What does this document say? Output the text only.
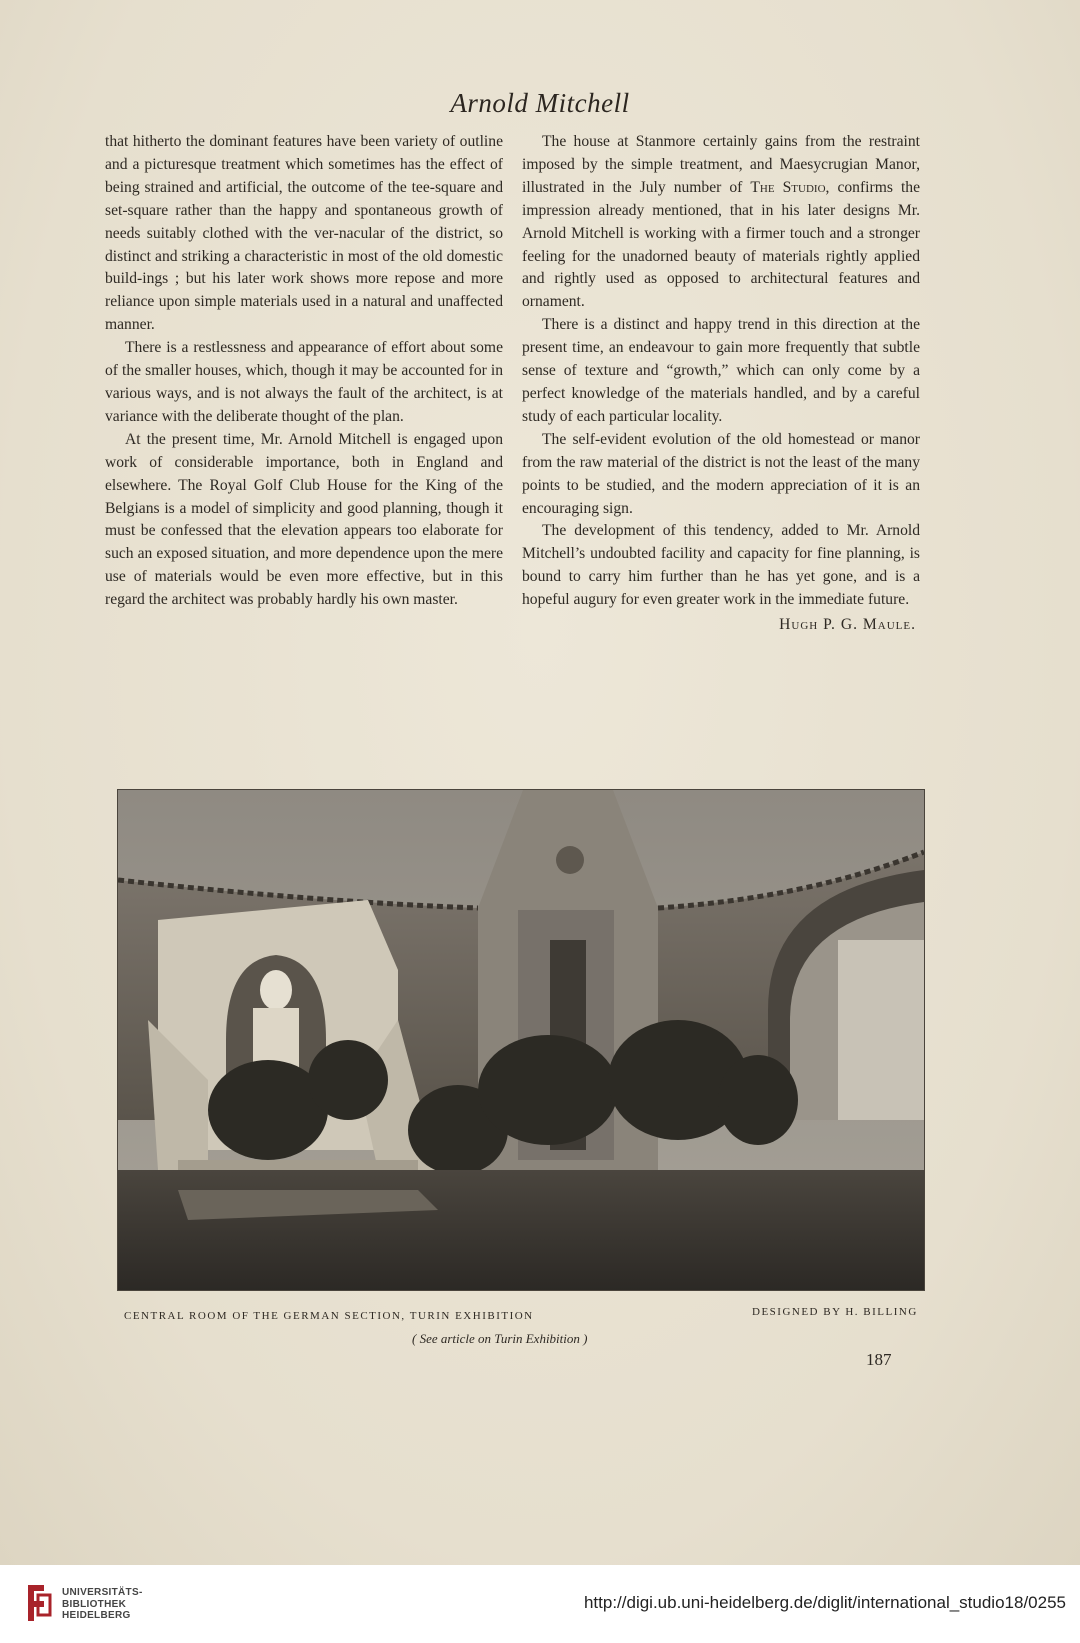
Arnold Mitchell

that hitherto the dominant features have been variety of outline and a picturesque treatment which sometimes has the effect of being strained and artificial, the outcome of the tee-square and set-square rather than the happy and spontaneous growth of needs suitably clothed with the ver-nacular of the district, so distinct and striking a characteristic in most of the old domestic build-ings ; but his later work shows more repose and more reliance upon simple materials used in a natural and unaffected manner.

There is a restlessness and appearance of effort about some of the smaller houses, which, though it may be accounted for in various ways, and is not always the fault of the architect, is at variance with the deliberate thought of the plan.

At the present time, Mr. Arnold Mitchell is engaged upon work of considerable importance, both in England and elsewhere. The Royal Golf Club House for the King of the Belgians is a model of simplicity and good planning, though it must be confessed that the elevation appears too elaborate for such an exposed situation, and more dependence upon the mere use of materials would be even more effective, but in this regard the architect was probably hardly his own master.

The house at Stanmore certainly gains from the restraint imposed by the simple treatment, and Maesycrugian Manor, illustrated in the July number of The Studio, confirms the impression already mentioned, that in his later designs Mr. Arnold Mitchell is working with a firmer touch and a stronger feeling for the unadorned beauty of materials rightly applied and rightly used as opposed to architectural features and ornament.

There is a distinct and happy trend in this direction at the present time, an endeavour to gain more frequently that subtle sense of texture and “growth,” which can only come by a perfect knowledge of the materials handled, and by a careful study of each particular locality.

The self-evident evolution of the old homestead or manor from the raw material of the district is not the least of the many points to be studied, and the modern appreciation of it is an encouraging sign.

The development of this tendency, added to Mr. Arnold Mitchell’s undoubted facility and capacity for fine planning, is bound to carry him further than he has yet gone, and is a hopeful augury for even greater work in the immediate future.

Hugh P. G. Maule.
CENTRAL ROOM OF THE GERMAN SECTION, TURIN EXHIBITION	DESIGNED BY H. BILLING
( See article on Turin Exhibition )
187
UNIVERSITÄTS-
BIBLIOTHEK
HEIDELBERG
http://digi.ub.uni-heidelberg.de/diglit/international_studio18/0255
